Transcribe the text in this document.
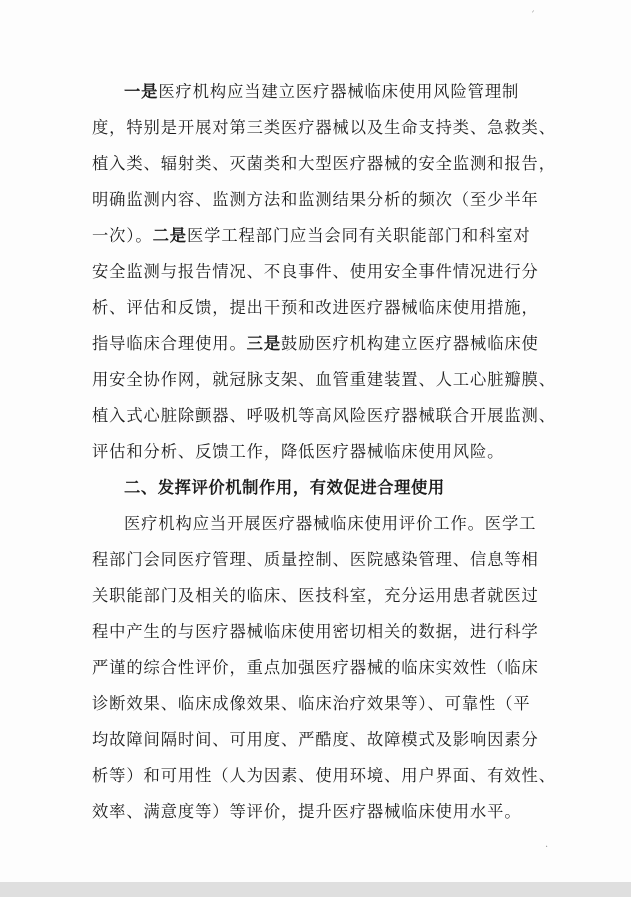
ˊ
·
一是医疗机构应当建立医疗器械临床使用风险管理制
度，特别是开展对第三类医疗器械以及生命支持类、急救类、
植入类、辐射类、灭菌类和大型医疗器械的安全监测和报告，
明确监测内容、监测方法和监测结果分析的频次（至少半年
一次）。二是医学工程部门应当会同有关职能部门和科室对
安全监测与报告情况、不良事件、使用安全事件情况进行分
析、评估和反馈，提出干预和改进医疗器械临床使用措施，
指导临床合理使用。三是鼓励医疗机构建立医疗器械临床使
用安全协作网，就冠脉支架、血管重建装置、人工心脏瓣膜、
植入式心脏除颤器、呼吸机等高风险医疗器械联合开展监测、
评估和分析、反馈工作，降低医疗器械临床使用风险。
二、发挥评价机制作用，有效促进合理使用
医疗机构应当开展医疗器械临床使用评价工作。医学工
程部门会同医疗管理、质量控制、医院感染管理、信息等相
关职能部门及相关的临床、医技科室，充分运用患者就医过
程中产生的与医疗器械临床使用密切相关的数据，进行科学
严谨的综合性评价，重点加强医疗器械的临床实效性（临床
诊断效果、临床成像效果、临床治疗效果等）、可靠性（平
均故障间隔时间、可用度、严酷度、故障模式及影响因素分
析等）和可用性（人为因素、使用环境、用户界面、有效性、
效率、满意度等）等评价，提升医疗器械临床使用水平。
